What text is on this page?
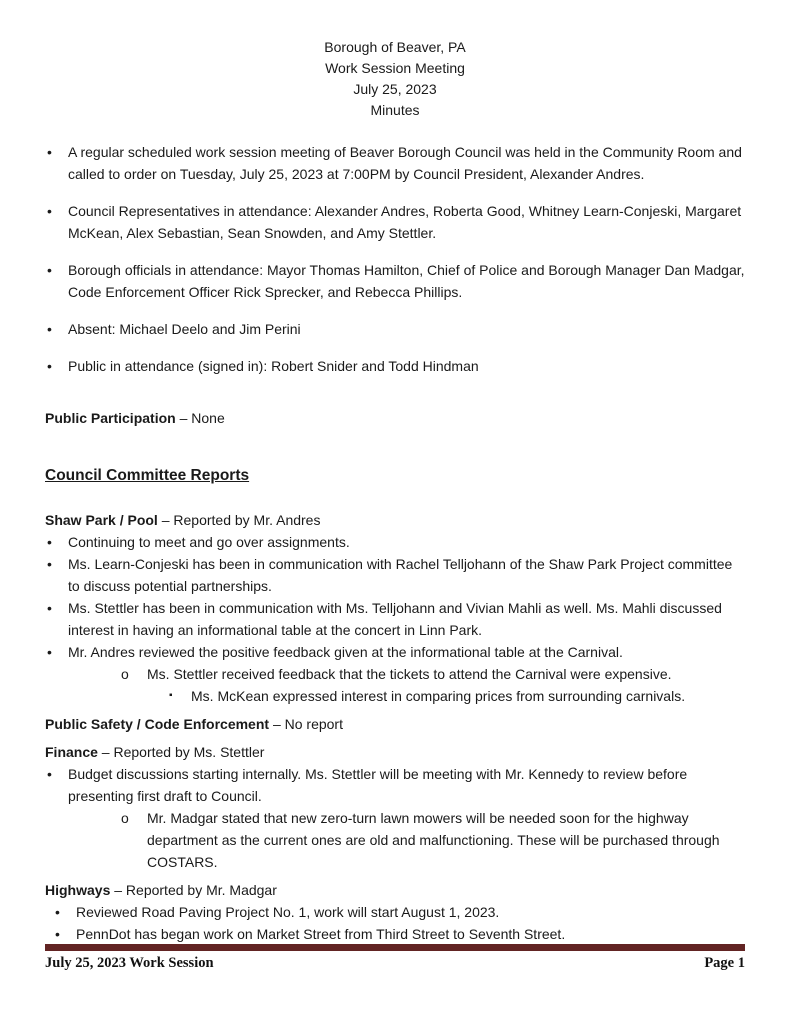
Borough of Beaver, PA
Work Session Meeting
July 25, 2023
Minutes
•	A regular scheduled work session meeting of Beaver Borough Council was held in the Community Room and called to order on Tuesday, July 25, 2023 at 7:00PM by Council President, Alexander Andres.
•	Council Representatives in attendance: Alexander Andres, Roberta Good, Whitney Learn-Conjeski, Margaret McKean, Alex Sebastian, Sean Snowden, and Amy Stettler.
•	Borough officials in attendance: Mayor Thomas Hamilton, Chief of Police and Borough Manager Dan Madgar, Code Enforcement Officer Rick Sprecker, and Rebecca Phillips.
•	Absent: Michael Deelo and Jim Perini
•	Public in attendance (signed in): Robert Snider and Todd Hindman

Public Participation – None

Council Committee Reports

Shaw Park / Pool – Reported by Mr. Andres

•	Continuing to meet and go over assignments.
•	Ms. Learn-Conjeski has been in communication with Rachel Telljohann of the Shaw Park Project committee to discuss potential partnerships.
•	Ms. Stettler has been in communication with Ms. Telljohann and Vivian Mahli as well. Ms. Mahli discussed interest in having an informational table at the concert in Linn Park.
•	Mr. Andres reviewed the positive feedback given at the informational table at the Carnival.
o	Ms. Stettler received feedback that the tickets to attend the Carnival were expensive.
▪	Ms. McKean expressed interest in comparing prices from surrounding carnivals.

Public Safety / Code Enforcement – No report

Finance – Reported by Ms. Stettler

•	Budget discussions starting internally. Ms. Stettler will be meeting with Mr. Kennedy to review before presenting first draft to Council.
o	Mr. Madgar stated that new zero-turn lawn mowers will be needed soon for the highway department as the current ones are old and malfunctioning. These will be purchased through COSTARS.

Highways – Reported by Mr. Madgar

•	Reviewed Road Paving Project No. 1, work will start August 1, 2023.
•	PennDot has began work on Market Street from Third Street to Seventh Street.
July 25, 2023 Work Session	Page 1
